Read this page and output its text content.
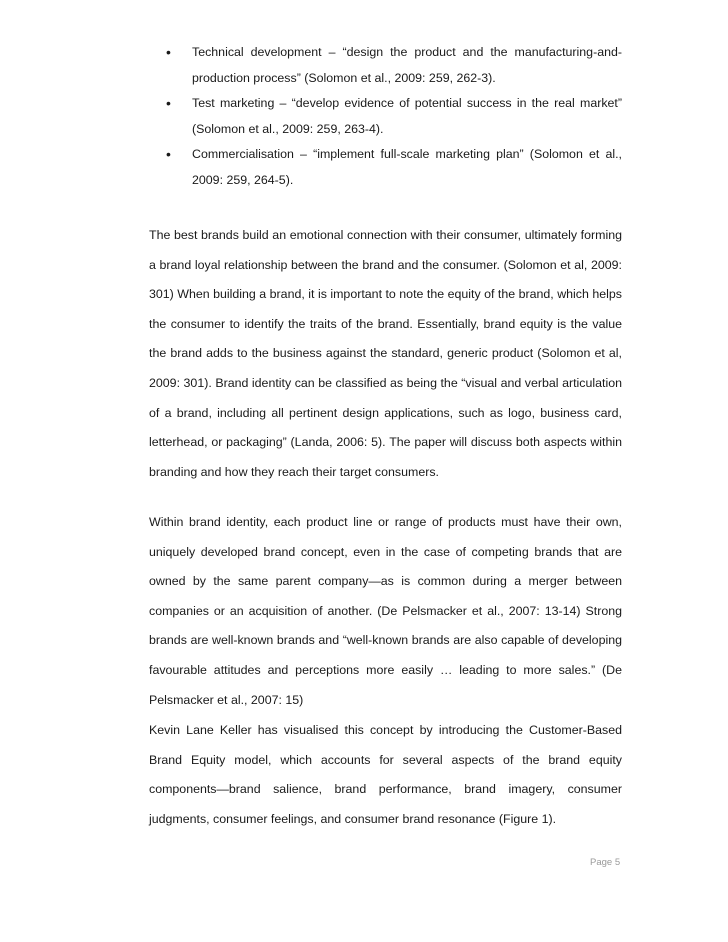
• Technical development – “design the product and the manufacturing-and-production process” (Solomon et al., 2009: 259, 262-3).
• Test marketing – “develop evidence of potential success in the real market” (Solomon et al., 2009: 259, 263-4).
• Commercialisation – “implement full-scale marketing plan” (Solomon et al., 2009: 259, 264-5).

The best brands build an emotional connection with their consumer, ultimately forming a brand loyal relationship between the brand and the consumer. (Solomon et al, 2009: 301) When building a brand, it is important to note the equity of the brand, which helps the consumer to identify the traits of the brand. Essentially, brand equity is the value the brand adds to the business against the standard, generic product (Solomon et al, 2009: 301). Brand identity can be classified as being the “visual and verbal articulation of a brand, including all pertinent design applications, such as logo, business card, letterhead, or packaging” (Landa, 2006: 5). The paper will discuss both aspects within branding and how they reach their target consumers.

Within brand identity, each product line or range of products must have their own, uniquely developed brand concept, even in the case of competing brands that are owned by the same parent company—as is common during a merger between companies or an acquisition of another. (De Pelsmacker et al., 2007: 13-14) Strong brands are well-known brands and “well-known brands are also capable of developing favourable attitudes and perceptions more easily … leading to more sales.” (De Pelsmacker et al., 2007: 15)

Kevin Lane Keller has visualised this concept by introducing the Customer-Based Brand Equity model, which accounts for several aspects of the brand equity components—brand salience, brand performance, brand imagery, consumer judgments, consumer feelings, and consumer brand resonance (Figure 1).

Page 5
